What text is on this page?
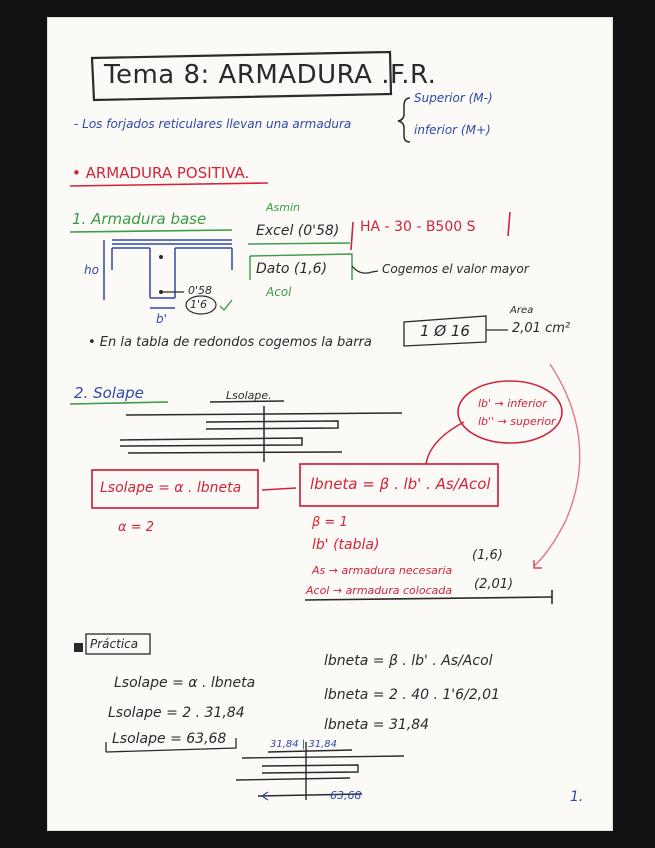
Tema 8: ARMADURA .F.R.
- Los forjados reticulares llevan una armadura
Superior (M-)
inferior (M+)
• ARMADURA POSITIVA.
1. Armadura base
Asmin
Excel (0'58) HA - 30 - B500 S
Dato (1,6)	Cogemos el valor mayor
Acol
ho
b'
0'58
1'6
• En la tabla de redondos cogemos la barra
1 Ø 16
Area
2,01 cm²
2. Solape	Lsolape.
lb' → inferior
lb'' → superior
Lsolape = α . lbneta	lbneta = β . lb' . As/Acol
α = 2	β = 1
lb' (tabla)
As → armadura necesaria
(1,6)
Acol → armadura colocada (2,01)
Práctica
Lsolape = α . lbneta
Lsolape = 2 . 31,84
Lsolape = 63,68
lbneta = β . lb' . As/Acol
lbneta = 2 . 40 . 1'6/2,01
lbneta = 31,84
31,84 | 31,84
63,68	1.
